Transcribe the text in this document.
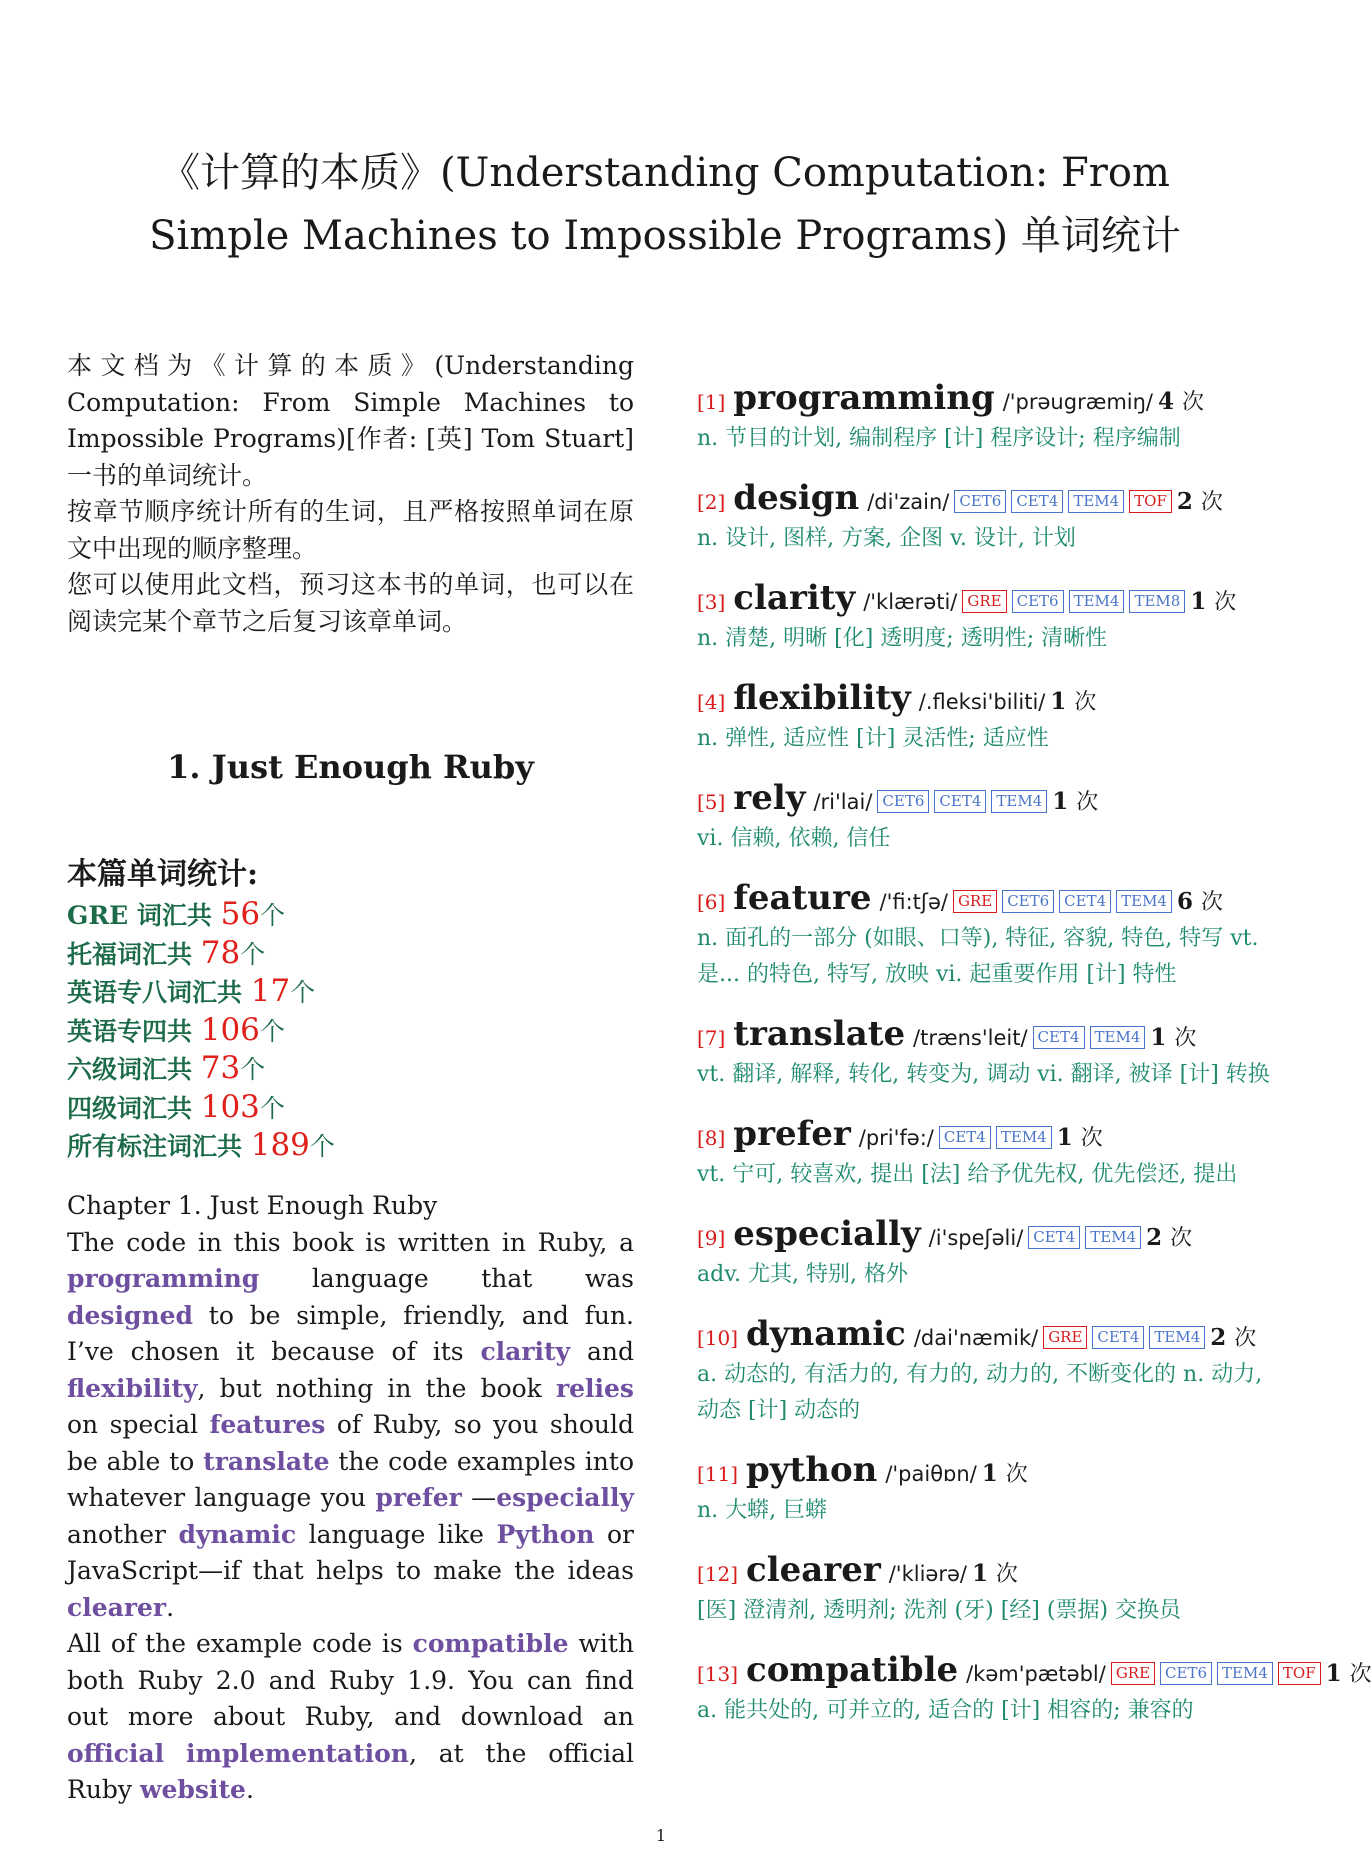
《计算的本质》(Understanding Computation: From Simple Machines to Impossible Programs) 单词统计

本文档为《计算的本质》(Understanding Computation: From Simple Machines to Impossible Programs)[作者: [英] Tom Stuart] 一书的单词统计。

按章节顺序统计所有的生词，且严格按照单词在原文中出现的顺序整理。

您可以使用此文档，预习这本书的单词，也可以在阅读完某个章节之后复习该章单词。

1. Just Enough Ruby
本篇单词统计:
GRE 词汇共 56个
托福词汇共 78个
英语专八词汇共 17个
英语专四共 106个
六级词汇共 73个
四级词汇共 103个
所有标注词汇共 189个
Chapter 1. Just Enough Ruby
The code in this book is written in Ruby, a programming language that was designed to be simple, friendly, and fun. I’ve chosen it because of its clarity and flexibility, but nothing in the book relies on special features of Ruby, so you should be able to translate the code examples into whatever language you prefer —especially another dynamic language like Python or JavaScript—if that helps to make the ideas clearer.
All of the example code is compatible with both Ruby 2.0 and Ruby 1.9. You can find out more about Ruby, and download an official implementation, at the official Ruby website.
[1] programming /'prəugræmiŋ/ 4 次
n. 节目的计划, 编制程序 [计] 程序设计; 程序编制
[2] design /di'zain/ CET6 CET4 TEM4 TOF 2 次
n. 设计, 图样, 方案, 企图 v. 设计, 计划
[3] clarity /'klærəti/ GRE CET6 TEM4 TEM8 1 次
n. 清楚, 明晰 [化] 透明度; 透明性; 清晰性
[4] flexibility /.fleksi'biliti/ 1 次
n. 弹性, 适应性 [计] 灵活性; 适应性
[5] rely /ri'lai/ CET6 CET4 TEM4 1 次
vi. 信赖, 依赖, 信任
[6] feature /'fi:tʃə/ GRE CET6 CET4 TEM4 6 次
n. 面孔的一部分 (如眼、口等), 特征, 容貌, 特色, 特写 vt. 是... 的特色, 特写, 放映 vi. 起重要作用 [计] 特性
[7] translate /træns'leit/ CET4 TEM4 1 次
vt. 翻译, 解释, 转化, 转变为, 调动 vi. 翻译, 被译 [计] 转换
[8] prefer /pri'fə:/ CET4 TEM4 1 次
vt. 宁可, 较喜欢, 提出 [法] 给予优先权, 优先偿还, 提出
[9] especially /i'speʃəli/ CET4 TEM4 2 次
adv. 尤其, 特别, 格外
[10] dynamic /dai'næmik/ GRE CET4 TEM4 2 次
a. 动态的, 有活力的, 有力的, 动力的, 不断变化的 n. 动力, 动态 [计] 动态的
[11] python /'paiθɒn/ 1 次
n. 大蟒, 巨蟒
[12] clearer /'kliərə/ 1 次
[医] 澄清剂, 透明剂; 洗剂 (牙) [经] (票据) 交换员
[13] compatible /kəm'pætəbl/ GRE CET6 TEM4 TOF 1 次
a. 能共处的, 可并立的, 适合的 [计] 相容的; 兼容的
1
